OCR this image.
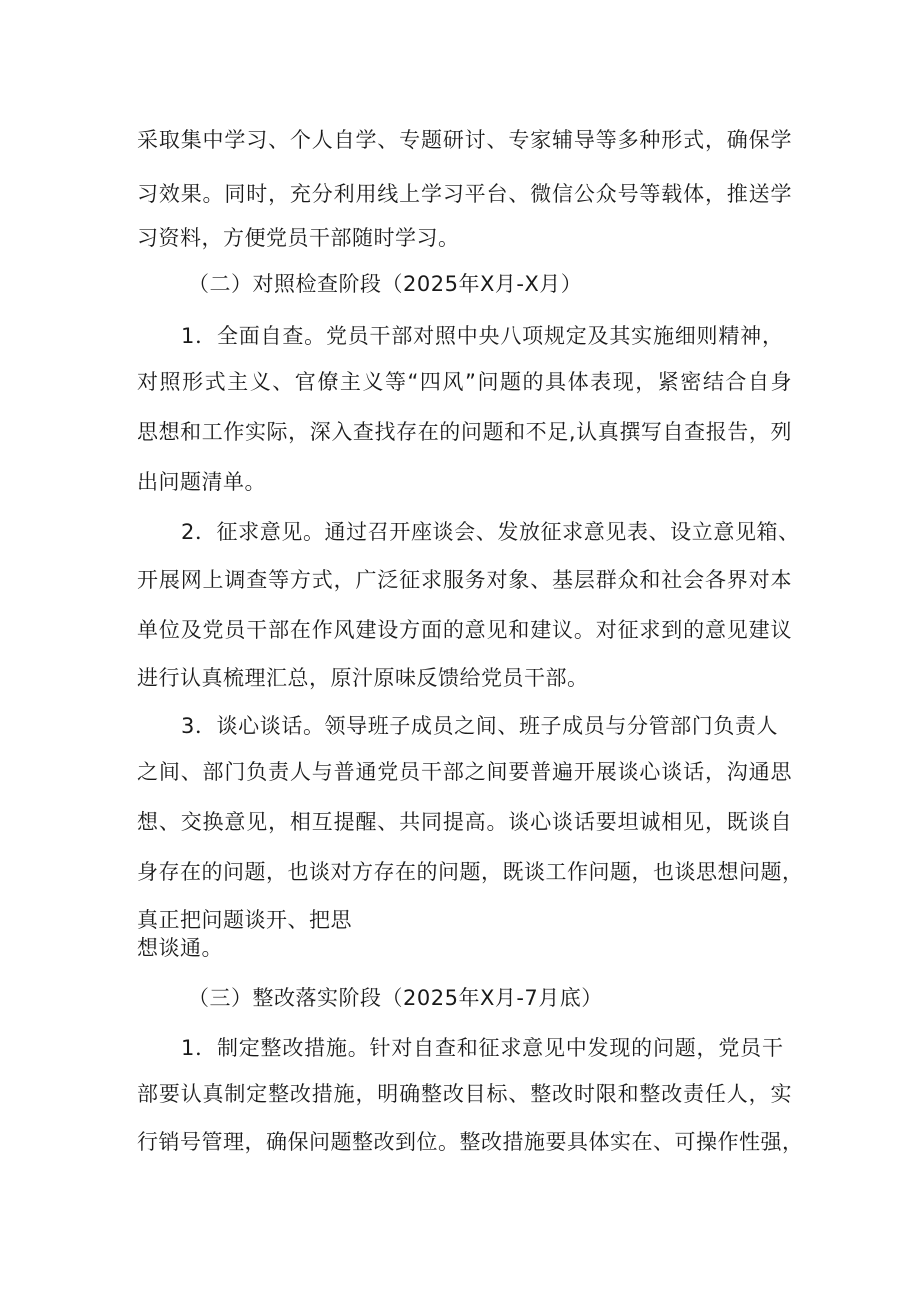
采取集中学习、个人自学、专题研讨、专家辅导等多种形式，确保学
习效果。同时，充分利用线上学习平台、微信公众号等载体，推送学
习资料，方便党员干部随时学习。
（二）对照检查阶段（2025年X月-X月）
1．全面自查。党员干部对照中央八项规定及其实施细则精神，
对照形式主义、官僚主义等“四风”问题的具体表现，紧密结合自身
思想和工作实际，深入查找存在的问题和不足,认真撰写自查报告，列
出问题清单。
2．征求意见。通过召开座谈会、发放征求意见表、设立意见箱、
开展网上调查等方式，广泛征求服务对象、基层群众和社会各界对本
单位及党员干部在作风建设方面的意见和建议。对征求到的意见建议
进行认真梳理汇总，原汁原味反馈给党员干部。
3．谈心谈话。领导班子成员之间、班子成员与分管部门负责人
之间、部门负责人与普通党员干部之间要普遍开展谈心谈话，沟通思
想、交换意见，相互提醒、共同提高。谈心谈话要坦诚相见，既谈自
身存在的问题，也谈对方存在的问题，既谈工作问题，也谈思想问题，
真正把问题谈开、把思
想谈通。
（三）整改落实阶段（2025年X月-7月底）
1．制定整改措施。针对自查和征求意见中发现的问题，党员干
部要认真制定整改措施，明确整改目标、整改时限和整改责任人，实
行销号管理，确保问题整改到位。整改措施要具体实在、可操作性强，
